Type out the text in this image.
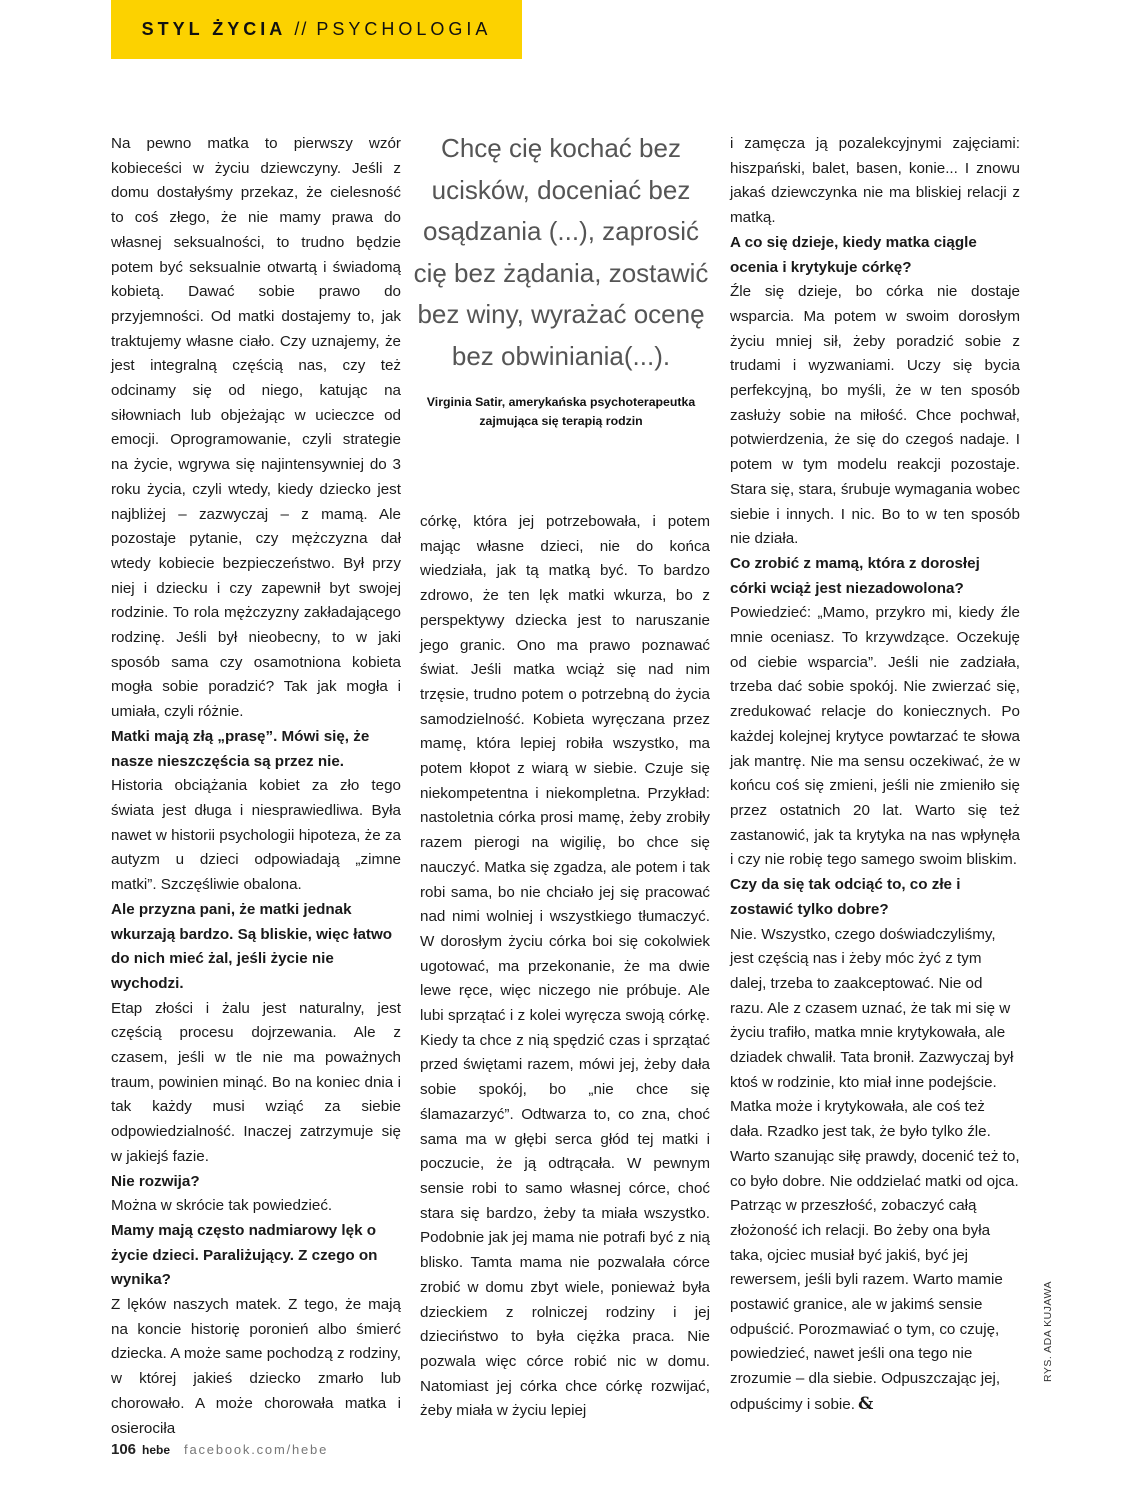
STYL ŻYCIA // PSYCHOLOGIA

Na pewno matka to pierwszy wzór kobieceści w życiu dziewczyny. Jeśli z domu dostałyśmy przekaz, że cielesność to coś złego, że nie mamy prawa do własnej seksualności, to trudno będzie potem być seksualnie otwartą i świadomą kobietą. Dawać sobie prawo do przyjemności. Od matki dostajemy to, jak traktujemy własne ciało. Czy uznajemy, że jest integralną częścią nas, czy też odcinamy się od niego, katując na siłowniach lub objeżając w ucieczce od emocji. Oprogramowanie, czyli strategie na życie, wgrywa się najintensywniej do 3 roku życia, czyli wtedy, kiedy dziecko jest najbliżej – zazwyczaj – z mamą. Ale pozostaje pytanie, czy mężczyzna dał wtedy kobiecie bezpieczeństwo. Był przy niej i dziecku i czy zapewnił byt swojej rodzinie. To rola mężczyzny zakładającego rodzinę. Jeśli był nieobecny, to w jaki sposób sama czy osamotniona kobieta mogła sobie poradzić? Tak jak mogła i umiała, czyli różnie.

Matki mają złą „prasę”. Mówi się, że nasze nieszczęścia są przez nie.

Historia obciążania kobiet za zło tego świata jest długa i niesprawiedliwa. Była nawet w historii psychologii hipoteza, że za autyzm u dzieci odpowiadają „zimne matki”. Szczęśliwie obalona.

Ale przyzna pani, że matki jednak wkurzają bardzo. Są bliskie, więc łatwo do nich mieć żal, jeśli życie nie wychodzi.

Etap złości i żalu jest naturalny, jest częścią procesu dojrzewania. Ale z czasem, jeśli w tle nie ma poważnych traum, powinien minąć. Bo na koniec dnia i tak każdy musi wziąć za siebie odpowiedzialność. Inaczej zatrzymuje się w jakiejś fazie.

Nie rozwija?

Można w skrócie tak powiedzieć.

Mamy mają często nadmiarowy lęk o życie dzieci. Paraliżujący. Z czego on wynika?

Z lęków naszych matek. Z tego, że mają na koncie historię poronień albo śmierć dziecka. A może same pochodzą z rodziny, w której jakieś dziecko zmarło lub chorowało. A może chorowała matka i osierociła

Chcę cię kochać bez ucisków, doceniać bez osądzania (...), zaprosić cię bez żądania, zostawić bez winy, wyrażać ocenę bez obwiniania(...).
Virginia Satir, amerykańska psychoterapeutka zajmująca się terapią rodzin

córkę, która jej potrzebowała, i potem mając własne dzieci, nie do końca wiedziała, jak tą matką być. To bardzo zdrowo, że ten lęk matki wkurza, bo z perspektywy dziecka jest to naruszanie jego granic. Ono ma prawo poznawać świat. Jeśli matka wciąż się nad nim trzęsie, trudno potem o potrzebną do życia samodzielność. Kobieta wyręczana przez mamę, która lepiej robiła wszystko, ma potem kłopot z wiarą w siebie. Czuje się niekompetentna i niekompletna. Przykład: nastoletnia córka prosi mamę, żeby zrobiły razem pierogi na wigilię, bo chce się nauczyć. Matka się zgadza, ale potem i tak robi sama, bo nie chciało jej się pracować nad nimi wolniej i wszystkiego tłumaczyć. W dorosłym życiu córka boi się cokolwiek ugotować, ma przekonanie, że ma dwie lewe ręce, więc niczego nie próbuje. Ale lubi sprzątać i z kolei wyręcza swoją córkę. Kiedy ta chce z nią spędzić czas i sprzątać przed świętami razem, mówi jej, żeby dała sobie spokój, bo „nie chce się ślamazarzyć”. Odtwarza to, co zna, choć sama ma w głębi serca głód tej matki i poczucie, że ją odtrącała. W pewnym sensie robi to samo własnej córce, choć stara się bardzo, żeby ta miała wszystko. Podobnie jak jej mama nie potrafi być z nią blisko. Tamta mama nie pozwalała córce zrobić w domu zbyt wiele, ponieważ była dzieckiem z rolniczej rodziny i jej dzieciństwo to była ciężka praca. Nie pozwala więc córce robić nic w domu. Natomiast jej córka chce córkę rozwijać, żeby miała w życiu lepiej

i zamęcza ją pozalekcyjnymi zajęciami: hiszpański, balet, basen, konie... I znowu jakaś dziewczynka nie ma bliskiej relacji z matką.

A co się dzieje, kiedy matka ciągle ocenia i krytykuje córkę?

Źle się dzieje, bo córka nie dostaje wsparcia. Ma potem w swoim dorosłym życiu mniej sił, żeby poradzić sobie z trudami i wyzwaniami. Uczy się bycia perfekcyjną, bo myśli, że w ten sposób zasłuży sobie na miłość. Chce pochwał, potwierdzenia, że się do czegoś nadaje. I potem w tym modelu reakcji pozostaje. Stara się, stara, śrubuje wymagania wobec siebie i innych. I nic. Bo to w ten sposób nie działa.

Co zrobić z mamą, która z dorosłej córki wciąż jest niezadowolona?

Powiedzieć: „Mamo, przykro mi, kiedy źle mnie oceniasz. To krzywdzące. Oczekuję od ciebie wsparcia”. Jeśli nie zadziała, trzeba dać sobie spokój. Nie zwierzać się, zredukować relacje do koniecznych. Po każdej kolejnej krytyce powtarzać te słowa jak mantrę. Nie ma sensu oczekiwać, że w końcu coś się zmieni, jeśli nie zmieniło się przez ostatnich 20 lat. Warto się też zastanowić, jak ta krytyka na nas wpłynęła i czy nie robię tego samego swoim bliskim.

Czy da się tak odciąć to, co złe i zostawić tylko dobre?

Nie. Wszystko, czego doświadczyliśmy, jest częścią nas i żeby móc żyć z tym dalej, trzeba to zaakceptować. Nie od razu. Ale z czasem uznać, że tak mi się w życiu trafiło, matka mnie krytykowała, ale dziadek chwalił. Tata bronił. Zazwyczaj był ktoś w rodzinie, kto miał inne podejście. Matka może i krytykowała, ale coś też dała. Rzadko jest tak, że było tylko źle. Warto szanując siłę prawdy, docenić też to, co było dobre. Nie oddzielać matki od ojca. Patrząc w przeszłość, zobaczyć całą złożoność ich relacji. Bo żeby ona była taka, ojciec musiał być jakiś, być jej rewersem, jeśli byli razem. Warto mamie postawić granice, ale w jakimś sensie odpuścić. Porozmawiać o tym, co czuję, powiedzieć, nawet jeśli ona tego nie zrozumie – dla siebie. Odpuszczając jej, odpuścimy i sobie. &
RYS. ADA KUJAWA
106 hebe facebook.com/hebe
